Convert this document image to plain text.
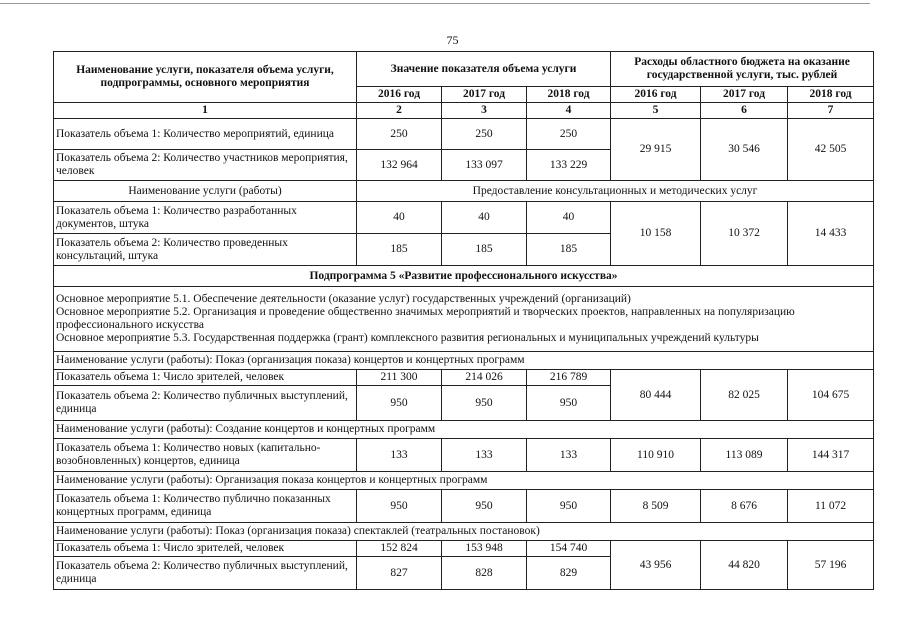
75
Наименование услуги, показателя объема услуги, подпрограммы, основного мероприятия	Значение показателя объема услуги			Расходы областного бюджета на оказание государственной услуги, тыс. рублей		
	2016 год	2017 год	2018 год	2016 год	2017 год	2018 год
1	2	3	4	5	6	7
Показатель объема 1: Количество мероприятий, единица	250	250	250	29 915	30 546	42 505
Показатель объема 2: Количество участников мероприятия, человек	132 964	133 097	133 229			
Наименование услуги (работы)	Предоставление консультационных и методических услуг					
Показатель объема 1: Количество разработанных документов, штука	40	40	40	10 158	10 372	14 433
Показатель объема 2: Количество проведенных консультаций, штука	185	185	185			
Подпрограмма 5 «Развитие профессионального искусства»						

Основное мероприятие 5.1. Обеспечение деятельности (оказание услуг) государственных учреждений (организаций)
Основное мероприятие 5.2. Организация и проведение общественно значимых мероприятий и творческих проектов, направленных на популяризацию профессионального искусства
Основное мероприятие 5.3. Государственная поддержка (грант) комплексного развития региональных и муниципальных учреждений культуры						

Наименование услуги (работы): Показ (организация показа) концертов и концертных программ						
Показатель объема 1: Число зрителей, человек	211 300	214 026	216 789	80 444	82 025	104 675
Показатель объема 2: Количество публичных выступлений, единица	950	950	950			
Наименование услуги (работы): Создание концертов и концертных программ						
Показатель объема 1: Количество новых (капитально-возобновленных) концертов, единица	133	133	133	110 910	113 089	144 317
Наименование услуги (работы): Организация показа концертов и концертных программ						
Показатель объема 1: Количество публично показанных концертных программ, единица	950	950	950	8 509	8 676	11 072
Наименование услуги (работы): Показ (организация показа) спектаклей (театральных постановок)						
Показатель объема 1: Число зрителей, человек	152 824	153 948	154 740	43 956	44 820	57 196
Показатель объема 2: Количество публичных выступлений, единица	827	828	829			
